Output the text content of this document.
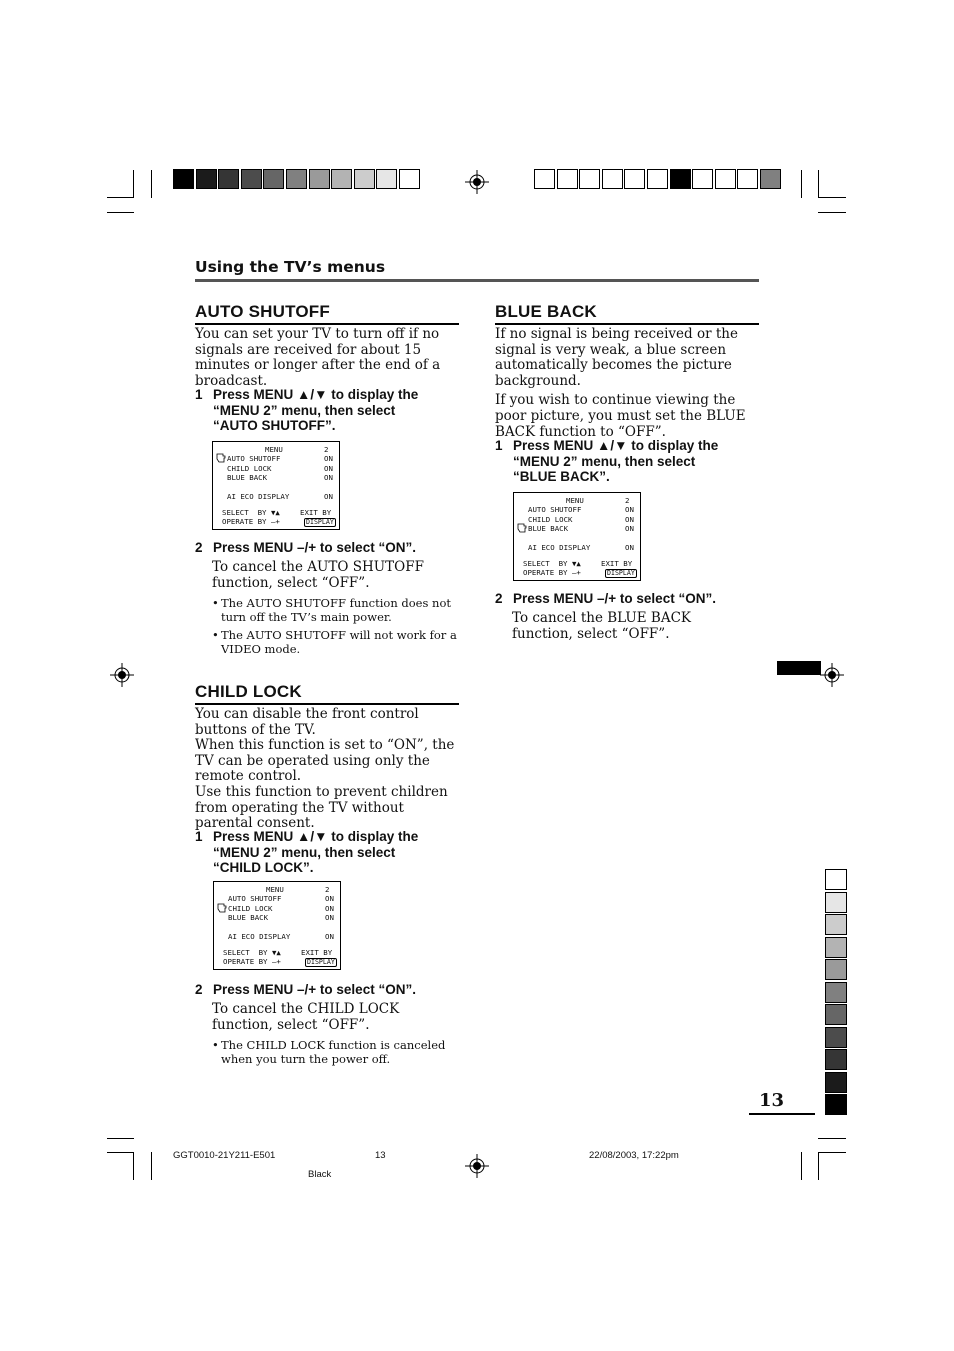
Using the TV’s menus
AUTO SHUTOFF

You can set your TV to turn off if no signals are received for about 15 minutes or longer after the end of a broadcast.

1 Press MENU ▲/▼ to display the
“MENU 2” menu, then select
“AUTO SHUTOFF”.
MENU	2
AUTO SHUTOFF	ON
CHILD LOCK	ON
BLUE BACK	ON
AI ECO DISPLAY	ON
SELECT  BY ▼▲	EXIT BY
OPERATE BY –+	DISPLAY
2 Press MENU –/+ to select “ON”.
To cancel the AUTO SHUTOFF function, select “OFF”.
• The AUTO SHUTOFF function does not turn off the TV’s main power.
• The AUTO SHUTOFF will not work for a VIDEO mode.
CHILD LOCK

You can disable the front control buttons of the TV.

When this function is set to “ON”, the TV can be operated using only the remote control.

Use this function to prevent children from operating the TV without parental consent.

1 Press MENU ▲/▼ to display the
“MENU 2” menu, then select
“CHILD LOCK”.
MENU	2
AUTO SHUTOFF	ON
CHILD LOCK	ON
BLUE BACK	ON
AI ECO DISPLAY	ON
SELECT  BY ▼▲	EXIT BY
OPERATE BY –+	DISPLAY
2 Press MENU –/+ to select “ON”.
To cancel the CHILD LOCK function, select “OFF”.
• The CHILD LOCK function is canceled when you turn the power off.
BLUE BACK

If no signal is being received or the signal is very weak, a blue screen automatically becomes the picture background.

If you wish to continue viewing the poor picture, you must set the BLUE BACK function to “OFF”.

1 Press MENU ▲/▼ to display the
“MENU 2” menu, then select
“BLUE BACK”.
MENU	2
AUTO SHUTOFF	ON
CHILD LOCK	ON
BLUE BACK	ON
AI ECO DISPLAY	ON
SELECT  BY ▼▲	EXIT BY
OPERATE BY –+	DISPLAY
2 Press MENU –/+ to select “ON”.
To cancel the BLUE BACK function, select “OFF”.
13
GGT0010-21Y211-E501	13	22/08/2003, 17:22pm
Black
